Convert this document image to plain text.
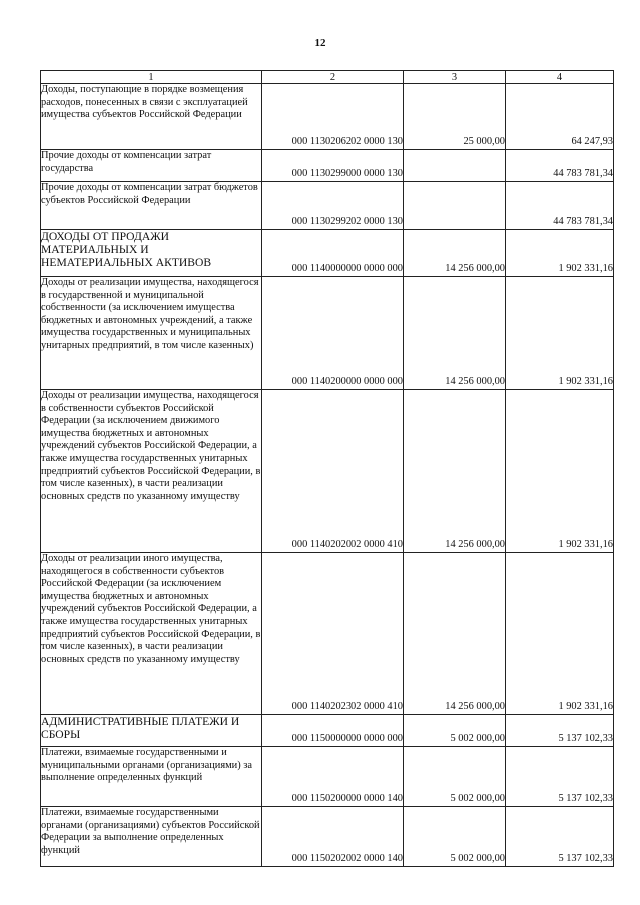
12
1	2	3	4
Доходы, поступающие в порядке возмещения расходов, понесенных в связи с эксплуатацией имущества субъектов Российской Федерации	000 1130206202 0000 130	25 000,00	64 247,93
Прочие доходы от компенсации затрат государства	000 1130299000 0000 130		44 783 781,34
Прочие доходы от компенсации затрат бюджетов субъектов Российской Федерации	000 1130299202 0000 130		44 783 781,34
ДОХОДЫ ОТ ПРОДАЖИ МАТЕРИАЛЬНЫХ И НЕМАТЕРИАЛЬНЫХ АКТИВОВ	000 1140000000 0000 000	14 256 000,00	1 902 331,16
Доходы от реализации имущества, находящегося в государственной и муниципальной собственности (за исключением имущества бюджетных и автономных учреждений, а также имущества государственных и муниципальных унитарных предприятий, в том числе казенных)	000 1140200000 0000 000	14 256 000,00	1 902 331,16
Доходы от реализации имущества, находящегося в собственности субъектов Российской Федерации (за исключением движимого имущества бюджетных и автономных учреждений субъектов Российской Федерации, а также имущества государственных унитарных предприятий субъектов Российской Федерации, в том числе казенных), в части реализации основных средств по указанному имуществу	000 1140202002 0000 410	14 256 000,00	1 902 331,16
Доходы от реализации иного имущества, находящегося в собственности субъектов Российской Федерации (за исключением имущества бюджетных и автономных учреждений субъектов Российской Федерации, а также имущества государственных унитарных предприятий субъектов Российской Федерации, в том числе казенных), в части реализации основных средств по указанному имуществу	000 1140202302 0000 410	14 256 000,00	1 902 331,16
АДМИНИСТРАТИВНЫЕ ПЛАТЕЖИ И СБОРЫ	000 1150000000 0000 000	5 002 000,00	5 137 102,33
Платежи, взимаемые государственными и муниципальными органами (организациями) за выполнение определенных функций	000 1150200000 0000 140	5 002 000,00	5 137 102,33
Платежи, взимаемые государственными органами (организациями) субъектов Российской Федерации за выполнение определенных функций	000 1150202002 0000 140	5 002 000,00	5 137 102,33
